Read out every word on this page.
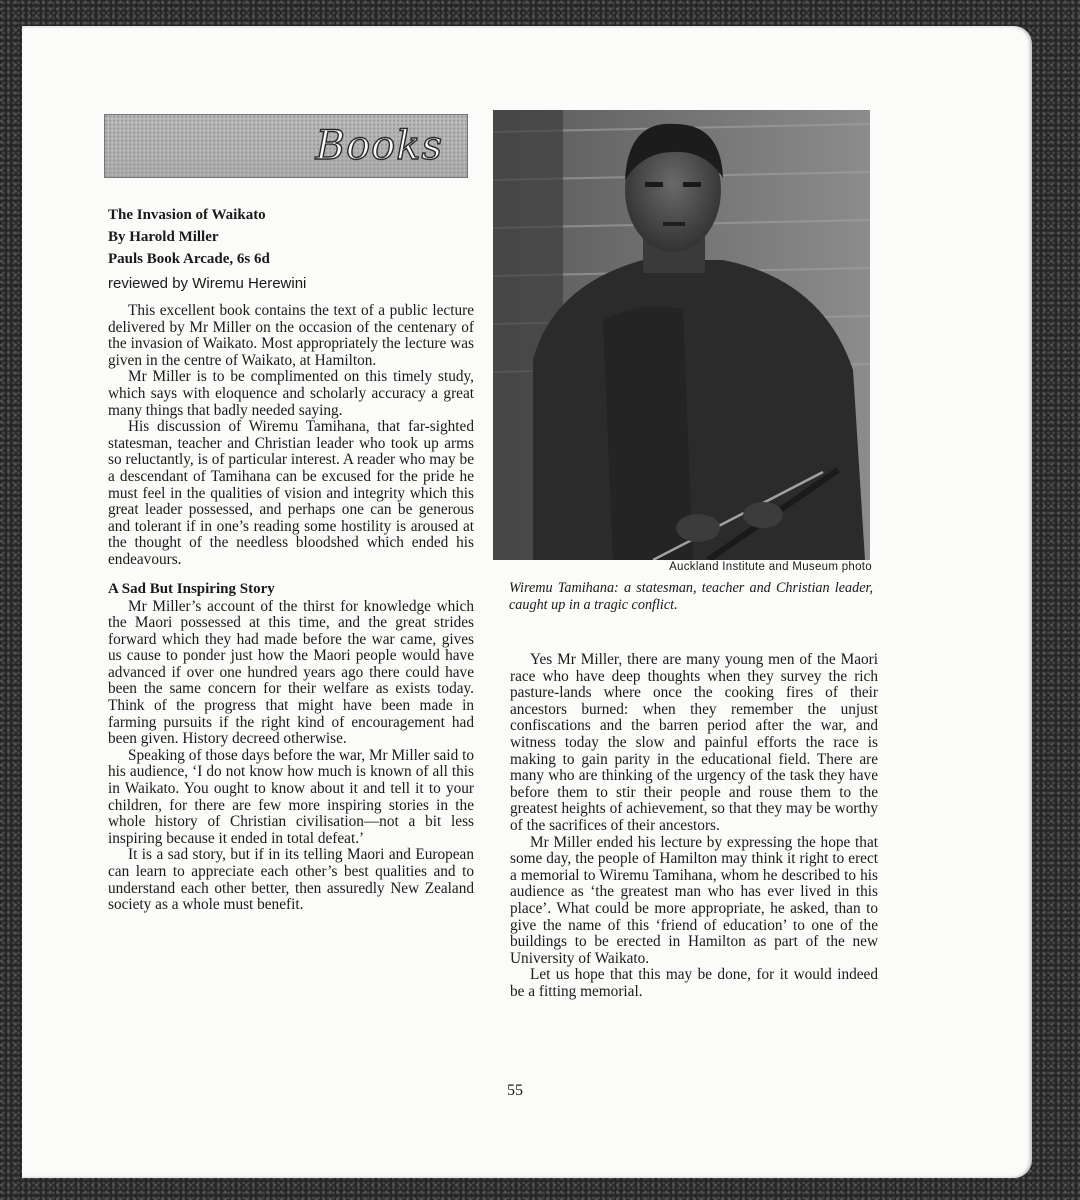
Books

The Invasion of Waikato

By Harold Miller

Pauls Book Arcade, 6s 6d

reviewed by Wiremu Herewini

This excellent book contains the text of a public lecture delivered by Mr Miller on the occasion of the centenary of the invasion of Waikato. Most appropriately the lecture was given in the centre of Waikato, at Hamilton.

Mr Miller is to be complimented on this timely study, which says with eloquence and scholarly accuracy a great many things that badly needed saying.

His discussion of Wiremu Tamihana, that far-sighted statesman, teacher and Christian leader who took up arms so reluctantly, is of particular interest. A reader who may be a descendant of Tamihana can be excused for the pride he must feel in the qualities of vision and integrity which this great leader possessed, and perhaps one can be generous and tolerant if in one’s reading some hostility is aroused at the thought of the needless bloodshed which ended his endeavours.

A Sad But Inspiring Story

Mr Miller’s account of the thirst for knowledge which the Maori possessed at this time, and the great strides forward which they had made before the war came, gives us cause to ponder just how the Maori people would have advanced if over one hundred years ago there could have been the same concern for their welfare as exists today. Think of the progress that might have been made in farming pursuits if the right kind of encouragement had been given. History decreed otherwise.

Speaking of those days before the war, Mr Miller said to his audience, ‘I do not know how much is known of all this in Waikato. You ought to know about it and tell it to your children, for there are few more inspiring stories in the whole history of Christian civilisation—not a bit less inspiring because it ended in total defeat.’

It is a sad story, but if in its telling Maori and European can learn to appreciate each other’s best qualities and to understand each other better, then assuredly New Zealand society as a whole must benefit.

Auckland Institute and Museum photo
Wiremu Tamihana: a statesman, teacher and Christian leader, caught up in a tragic conflict.

Yes Mr Miller, there are many young men of the Maori race who have deep thoughts when they survey the rich pasture-lands where once the cooking fires of their ancestors burned: when they remember the unjust confiscations and the barren period after the war, and witness today the slow and painful efforts the race is making to gain parity in the educational field. There are many who are thinking of the urgency of the task they have before them to stir their people and rouse them to the greatest heights of achievement, so that they may be worthy of the sacrifices of their ancestors.

Mr Miller ended his lecture by expressing the hope that some day, the people of Hamilton may think it right to erect a memorial to Wiremu Tamihana, whom he described to his audience as ‘the greatest man who has ever lived in this place’. What could be more appropriate, he asked, than to give the name of this ‘friend of education’ to one of the buildings to be erected in Hamilton as part of the new University of Waikato.

Let us hope that this may be done, for it would indeed be a fitting memorial.

55
